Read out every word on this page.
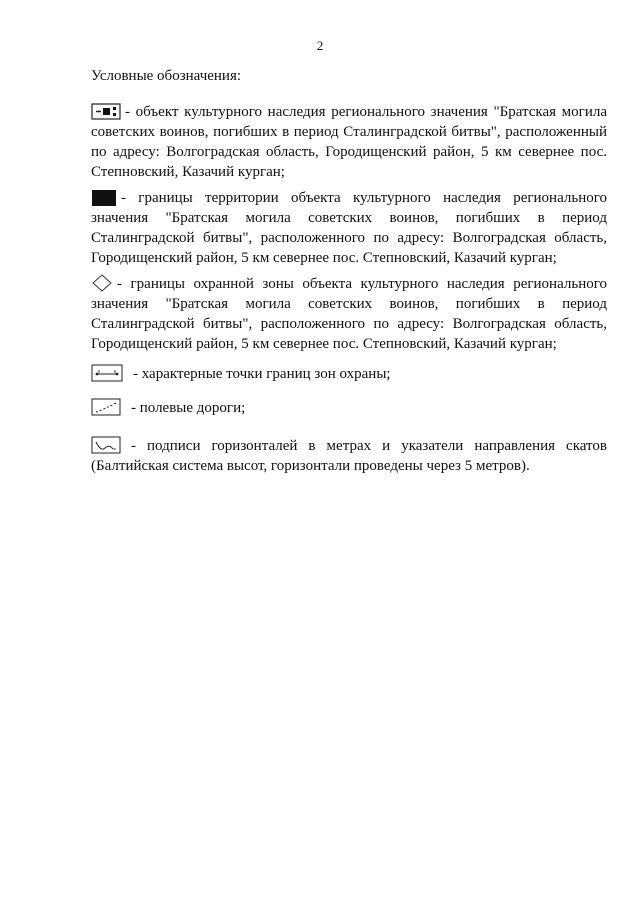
2
Условные обозначения:

- объект культурного наследия регионального значения "Братская могила советских воинов, погибших в период Сталинградской битвы", расположенный по адресу: Волгоградская область, Городищенский район, 5 км севернее пос. Степновский, Казачий курган;

- границы территории объекта культурного наследия регионального значения "Братская могила советских воинов, погибших в период Сталинградской битвы", расположенного по адресу: Волгоградская область, Городищенский район, 5 км севернее пос. Степновский, Казачий курган;

- границы охранной зоны объекта культурного наследия регионального значения "Братская могила советских воинов, погибших в период Сталинградской битвы", расположенного по адресу: Волгоградская область, Городищенский район, 5 км севернее пос. Степновский, Казачий курган;

- характерные точки границ зон охраны;

- полевые дороги;

- подписи горизонталей в метрах и указатели направления скатов (Балтийская система высот, горизонтали проведены через 5 метров).
